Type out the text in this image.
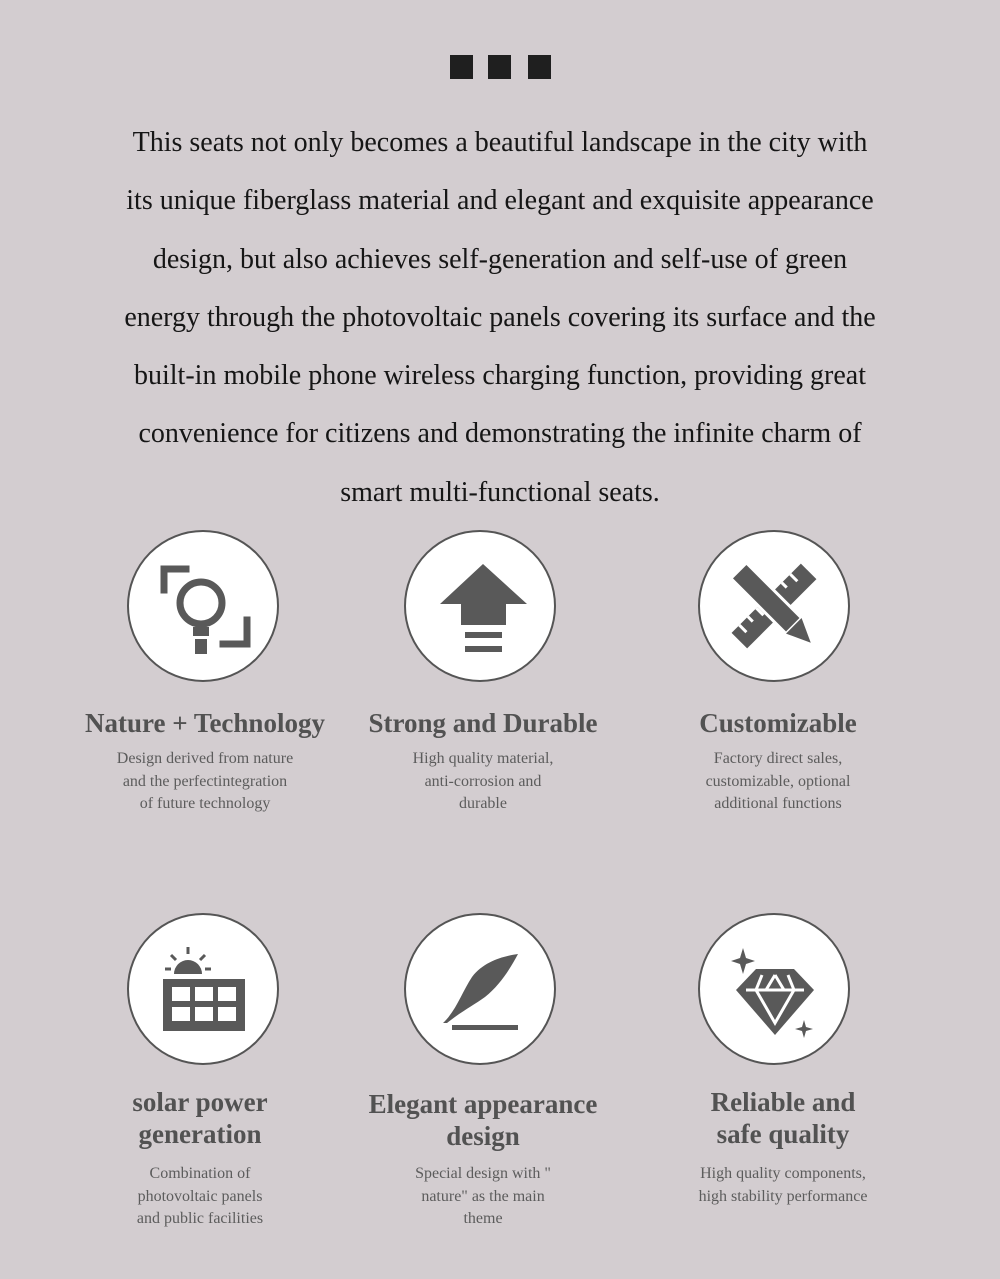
This seats not only becomes a beautiful landscape in the city with
its unique fiberglass material and elegant and exquisite appearance
design, but also achieves self-generation and self-use of green
energy through the photovoltaic panels covering its surface and the
built-in mobile phone wireless charging function, providing great
convenience for citizens and demonstrating the infinite charm of
smart multi-functional seats.

Nature + Technology

Design derived from nature
and the perfectintegration
of future technology

Strong and Durable

High quality material,
anti-corrosion and
durable

Customizable

Factory direct sales,
customizable, optional
additional functions

solar power
generation

Combination of
photovoltaic panels
and public facilities

Elegant appearance
design

Special design with "
nature" as the main
theme

Reliable and
safe quality

High quality components,
high stability performance
